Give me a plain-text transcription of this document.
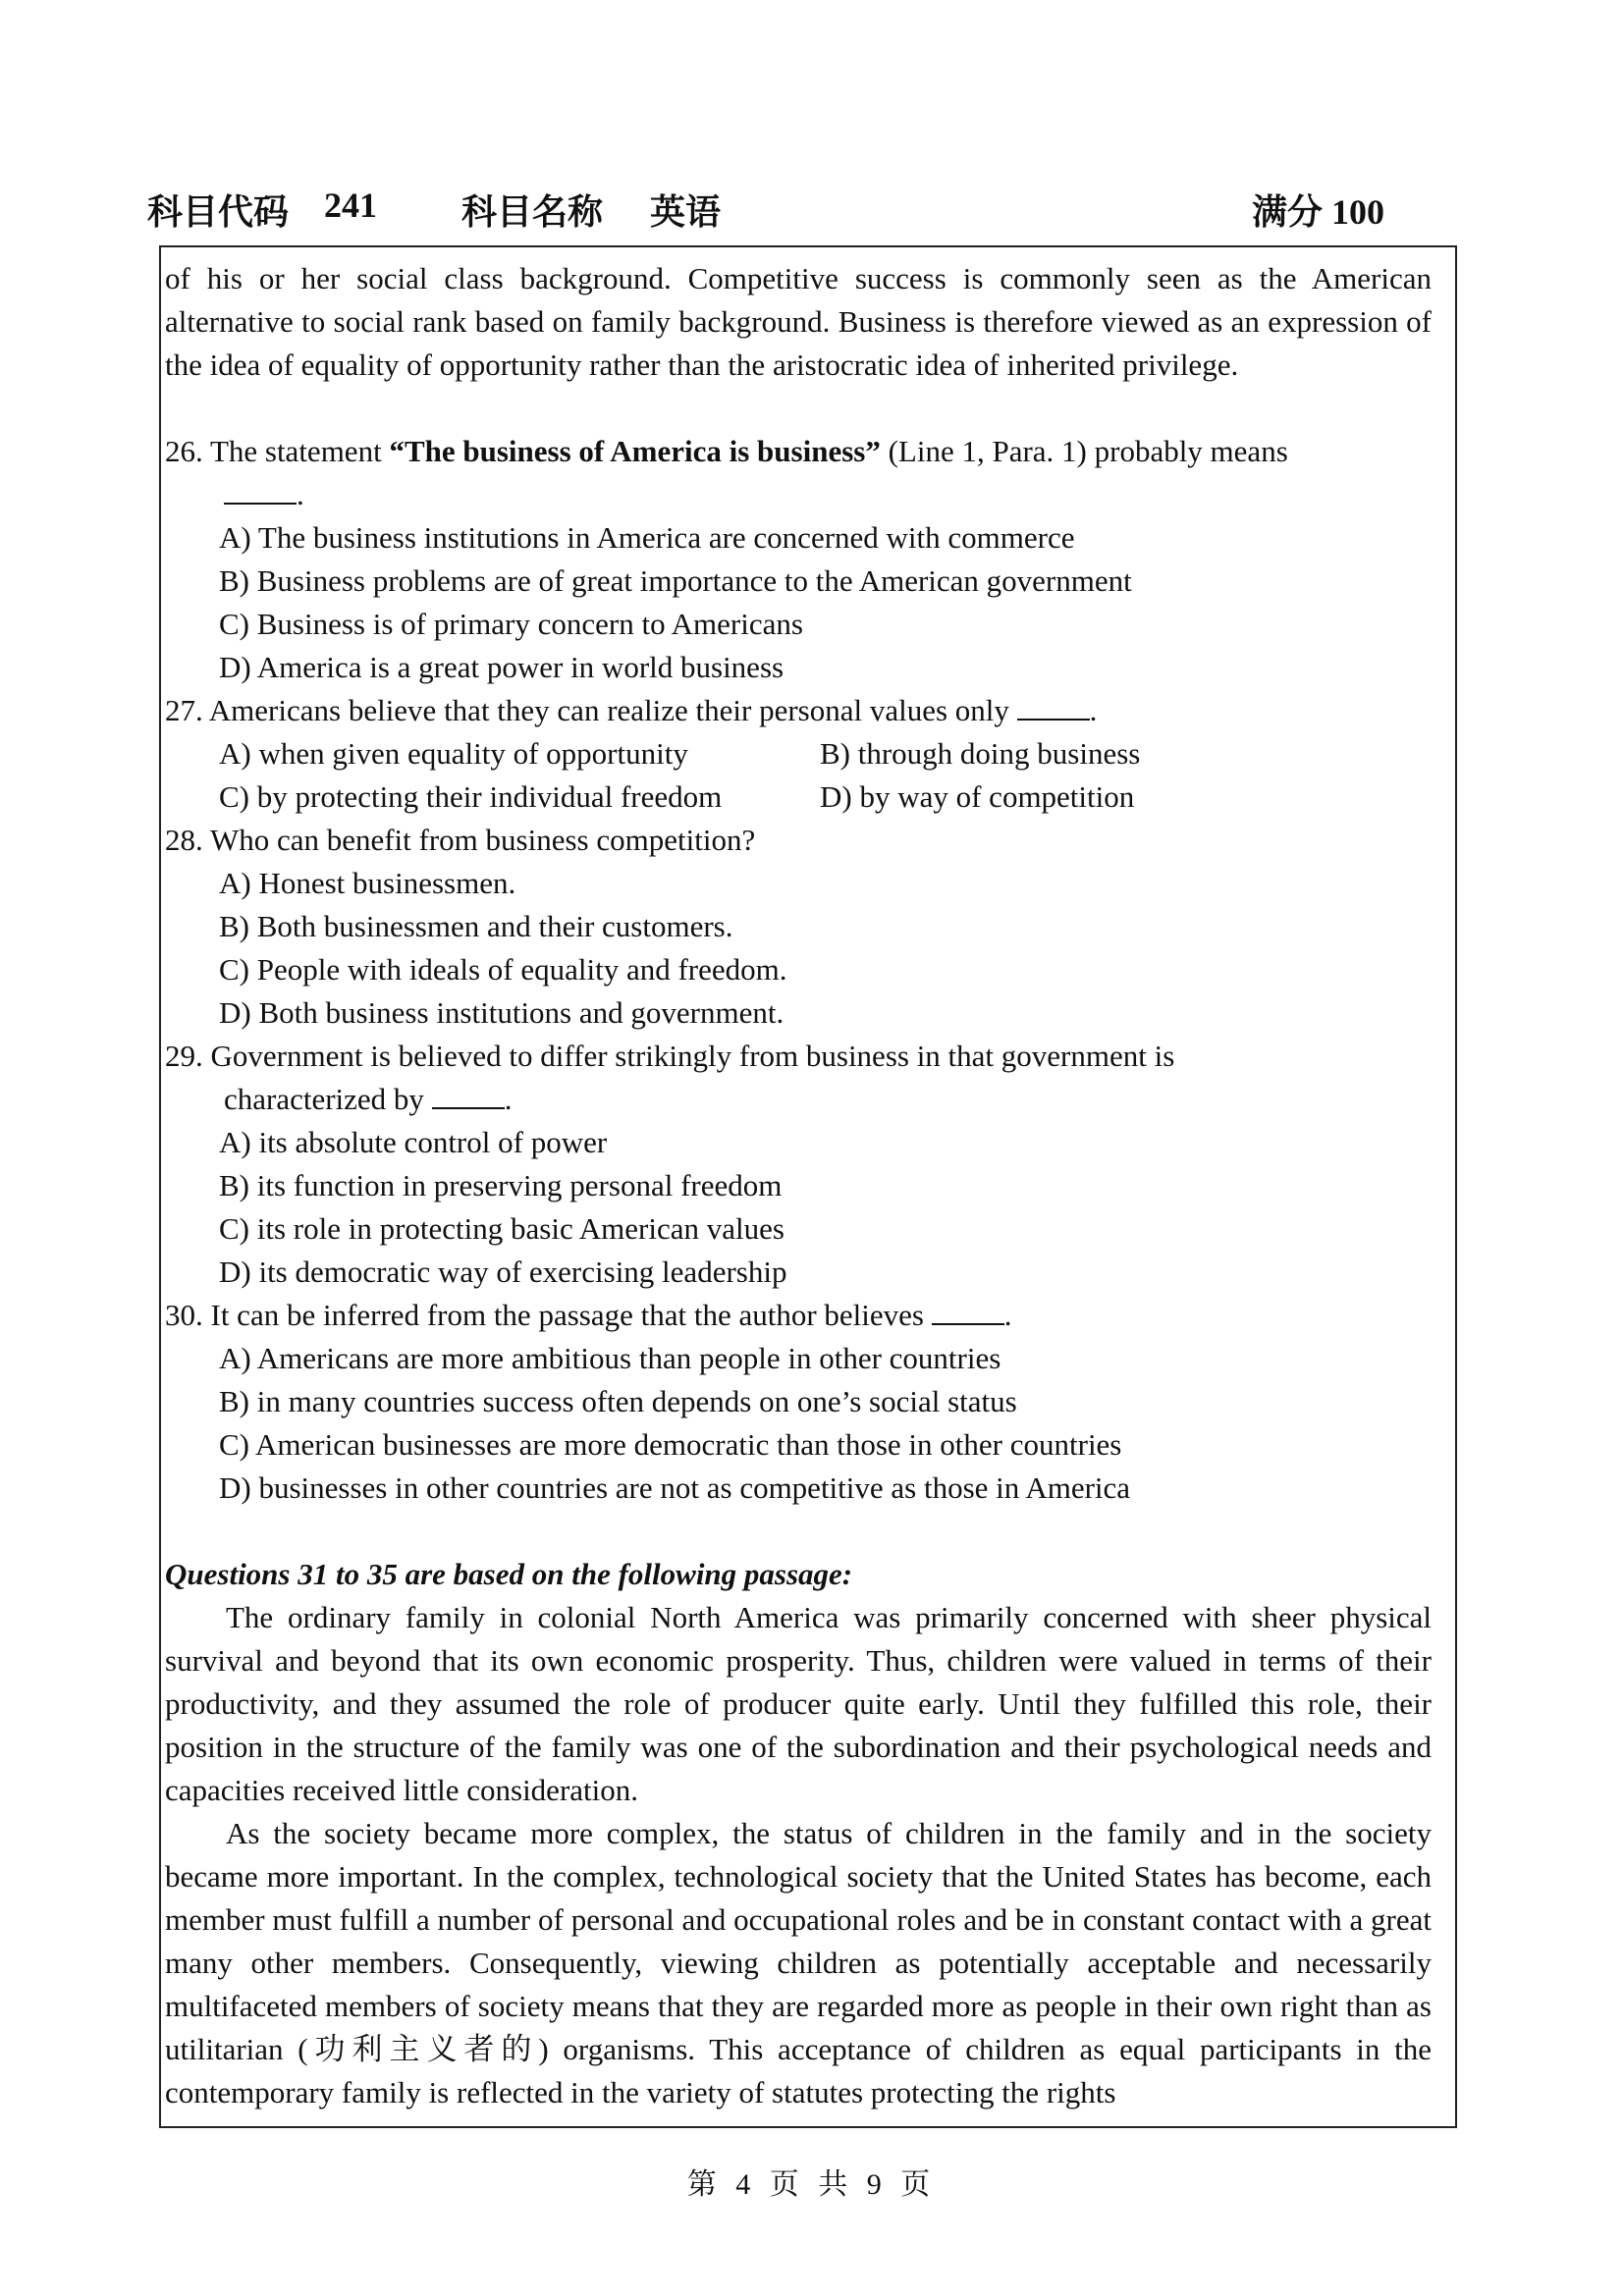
科目代码 241 科目名称 英语	满分 100

of his or her social class background. Competitive success is commonly seen as the American alternative to social rank based on family background. Business is therefore viewed as an expression of the idea of equality of opportunity rather than the aristocratic idea of inherited privilege.

26. The statement “The business of America is business” (Line 1, Para. 1) probably means

.

A) The business institutions in America are concerned with commerce

B) Business problems are of great importance to the American government

C) Business is of primary concern to Americans

D) America is a great power in world business

27. Americans believe that they can realize their personal values only	.

A) when given equality of opportunity	B) through doing business
C) by protecting their individual freedom	D) by way of competition

28. Who can benefit from business competition?

A) Honest businessmen.

B) Both businessmen and their customers.

C) People with ideals of equality and freedom.

D) Both business institutions and government.

29. Government is believed to differ strikingly from business in that government is

characterized by	.

A) its absolute control of power

B) its function in preserving personal freedom

C) its role in protecting basic American values

D) its democratic way of exercising leadership

30. It can be inferred from the passage that the author believes	.

A) Americans are more ambitious than people in other countries

B) in many countries success often depends on one’s social status

C) American businesses are more democratic than those in other countries

D) businesses in other countries are not as competitive as those in America

Questions 31 to 35 are based on the following passage:

The ordinary family in colonial North America was primarily concerned with sheer physical survival and beyond that its own economic prosperity. Thus, children were valued in terms of their productivity, and they assumed the role of producer quite early. Until they fulfilled this role, their position in the structure of the family was one of the subordination and their psychological needs and capacities received little consideration.

As the society became more complex, the status of children in the family and in the society became more important. In the complex, technological society that the United States has become, each member must fulfill a number of personal and occupational roles and be in constant contact with a great many other members. Consequently, viewing children as potentially acceptable and necessarily multifaceted members of society means that they are regarded more as people in their own right than as utilitarian (功利主义者的) organisms. This acceptance of children as equal participants in the contemporary family is reflected in the variety of statutes protecting the rights

第 4 页 共 9 页
